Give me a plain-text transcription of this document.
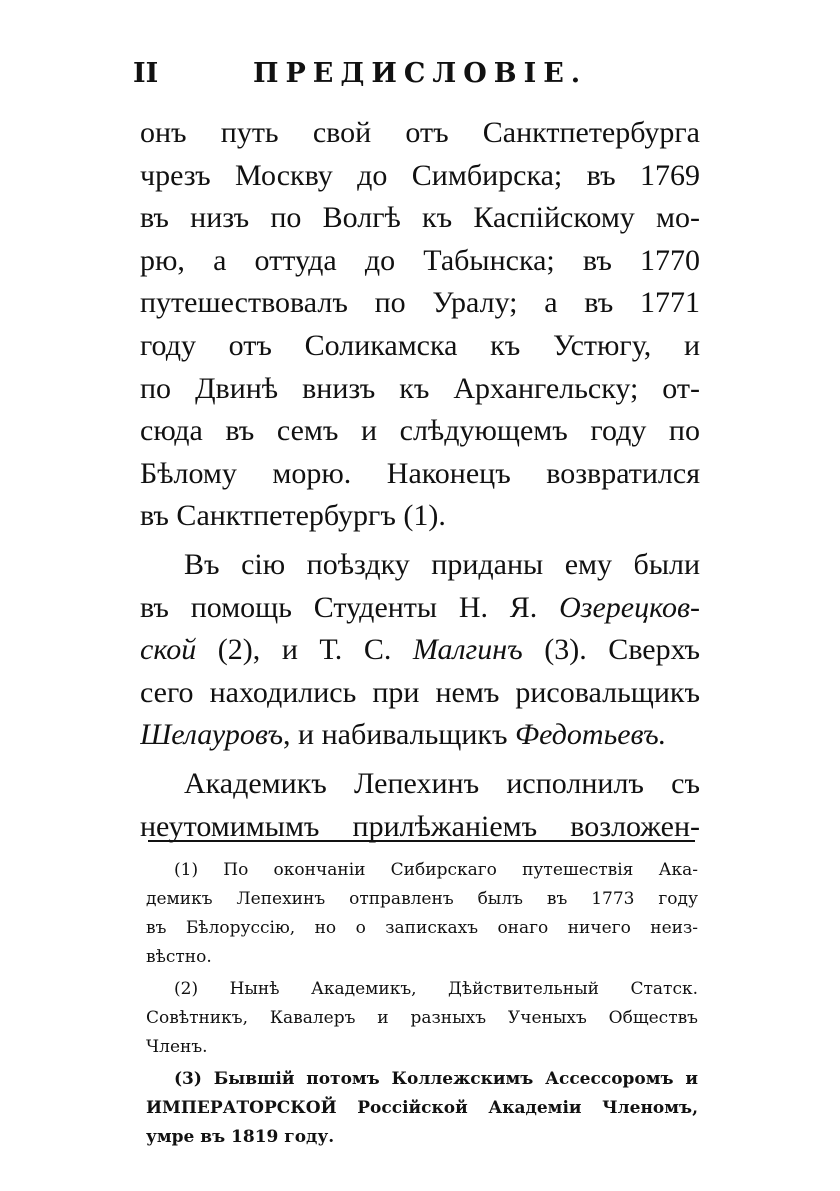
II	ПРЕДИСЛОВІЕ.
онъ путь свой отъ Санктпетербурга
чрезъ Москву до Симбирска; въ 1769
въ низъ по Волгѣ къ Каспійскому мо-
рю, а оттуда до Табынска; въ 1770
путешествовалъ по Уралу; а въ 1771
году отъ Соликамска къ Устюгу, и
по Двинѣ внизъ къ Архангельску; от-
сюда въ семъ и слѣдующемъ году по
Бѣлому морю. Наконецъ возвратился
въ Санктпетербургъ (1).
Въ сію поѣздку приданы ему были
въ помощь Студенты Н. Я. Озерецков-
ской (2), и Т. С. Малгинъ (3). Сверхъ
сего находились при немъ рисовальщикъ
Шелауровъ, и набивальщикъ Федотьевъ.
Академикъ Лепехинъ исполнилъ съ
неутомимымъ прилѣжаніемъ возложен-
(1) По окончаніи Сибирскаго путешествія Ака-
демикъ Лепехинъ отправленъ былъ въ 1773 году
въ Бѣлоруссію, но о запискахъ онаго ничего неиз-
вѣстно.
(2) Нынѣ Академикъ, Дѣйствительный Статск.
Совѣтникъ, Кавалеръ и разныхъ Ученыхъ Обществъ
Членъ.
(3) Бывшій потомъ Коллежскимъ Ассессоромъ и
ИМПЕРАТОРСКОЙ Россійской Академіи Членомъ,
умре въ 1819 году.
